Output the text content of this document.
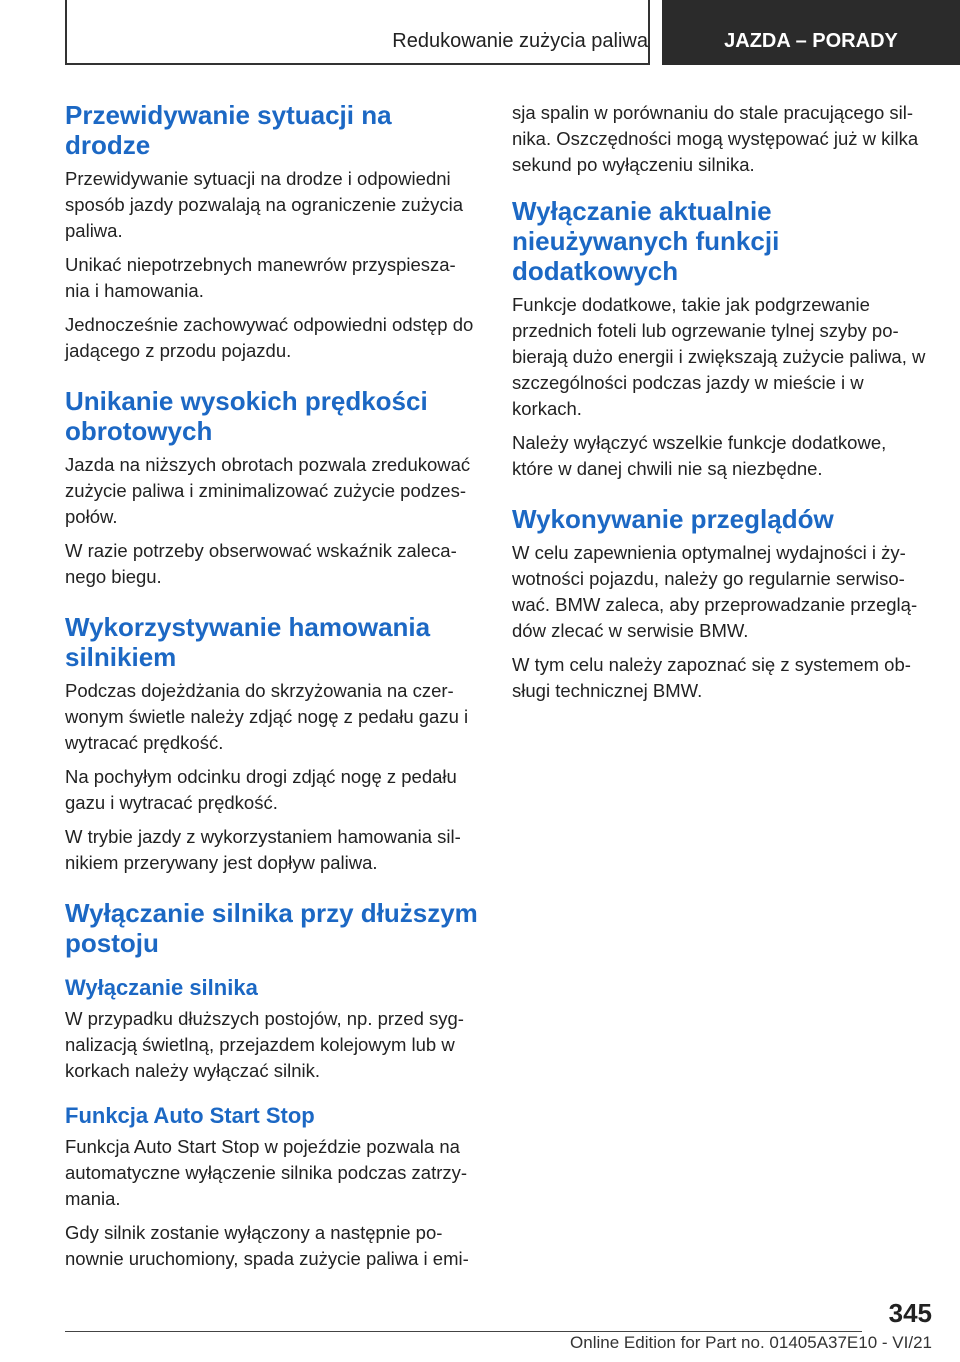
Redukowanie zużycia paliwa	JAZDA – PORADY
Przewidywanie sytuacji na drodze

Przewidywanie sytuacji na drodze i odpowiedni sposób jazdy pozwalają na ograniczenie zużycia paliwa.

Unikać niepotrzebnych manewrów przyspiesza-nia i hamowania.

Jednocześnie zachowywać odpowiedni odstęp do jadącego z przodu pojazdu.

Unikanie wysokich prędkości obrotowych

Jazda na niższych obrotach pozwala zredukować zużycie paliwa i zminimalizować zużycie podzes-połów.

W razie potrzeby obserwować wskaźnik zaleca-nego biegu.

Wykorzystywanie hamowania silnikiem

Podczas dojeżdżania do skrzyżowania na czer-wonym świetle należy zdjąć nogę z pedału gazu i wytracać prędkość.

Na pochyłym odcinku drogi zdjąć nogę z pedału gazu i wytracać prędkość.

W trybie jazdy z wykorzystaniem hamowania sil-nikiem przerywany jest dopływ paliwa.

Wyłączanie silnika przy dłuższym postoju
Wyłączanie silnika

W przypadku dłuższych postojów, np. przed syg-nalizacją świetlną, przejazdem kolejowym lub w korkach należy wyłączać silnik.

Funkcja Auto Start Stop

Funkcja Auto Start Stop w pojeździe pozwala na automatyczne wyłączenie silnika podczas zatrzy-mania.

Gdy silnik zostanie wyłączony a następnie po-nownie uruchomiony, spada zużycie paliwa i emi-

sja spalin w porównaniu do stale pracującego sil-nika. Oszczędności mogą występować już w kilka sekund po wyłączeniu silnika.

Wyłączanie aktualnie nieużywanych funkcji dodatkowych

Funkcje dodatkowe, takie jak podgrzewanie przednich foteli lub ogrzewanie tylnej szyby po-bierają dużo energii i zwiększają zużycie paliwa, w szczególności podczas jazdy w mieście i w korkach.

Należy wyłączyć wszelkie funkcje dodatkowe, które w danej chwili nie są niezbędne.

Wykonywanie przeglądów

W celu zapewnienia optymalnej wydajności i ży-wotności pojazdu, należy go regularnie serwiso-wać. BMW zaleca, aby przeprowadzanie przeglą-dów zlecać w serwisie BMW.

W tym celu należy zapoznać się z systemem ob-sługi technicznej BMW.

345
Online Edition for Part no. 01405A37E10 - VI/21
